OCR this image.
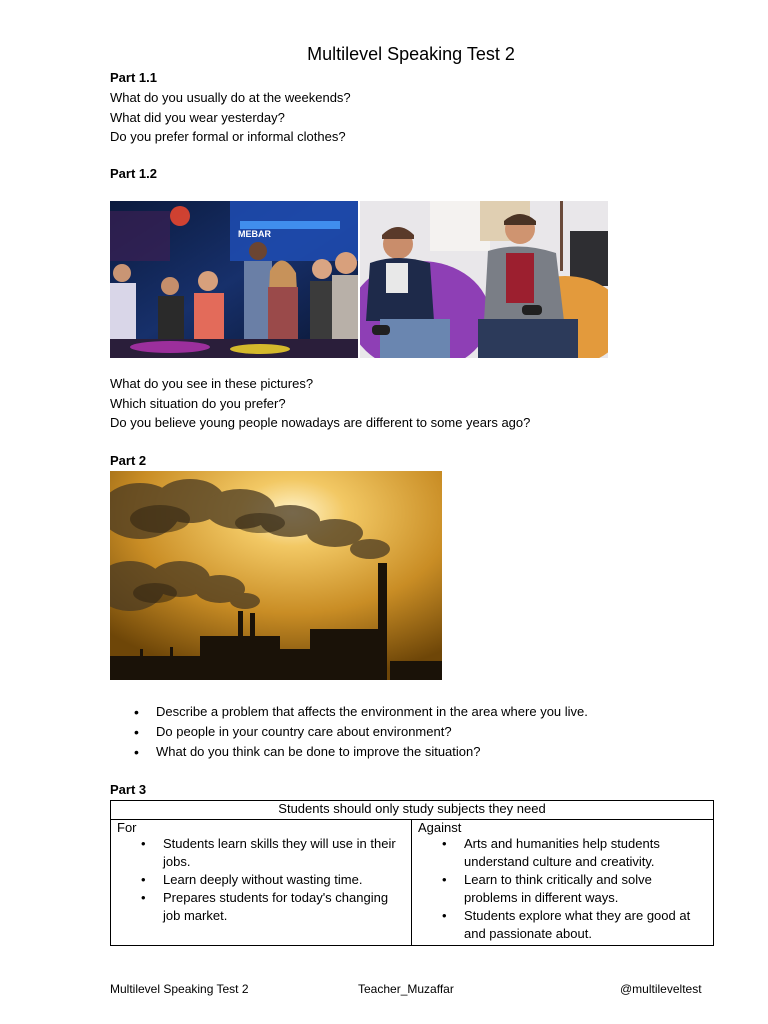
Multilevel Speaking Test 2
Part 1.1
What do you usually do at the weekends?
What did you wear yesterday?
Do you prefer formal or informal clothes?
Part 1.2
MEBAR
What do you see in these pictures?
Which situation do you prefer?
Do you believe young people nowadays are different to some years ago?
Part 2
• Describe a problem that affects the environment in the area where you live.
• Do people in your country care about environment?
• What do you think can be done to improve the situation?
Part 3
Students should only study subjects they need

For
• Students learn skills they will use in their jobs.
• Learn deeply without wasting time.
• Prepares students for today's changing job market.

Against
• Arts and humanities help students understand culture and creativity.
• Learn to think critically and solve problems in different ways.
• Students explore what they are good at and passionate about.
Multilevel Speaking Test 2	Teacher_Muzaffar	@multileveltest
